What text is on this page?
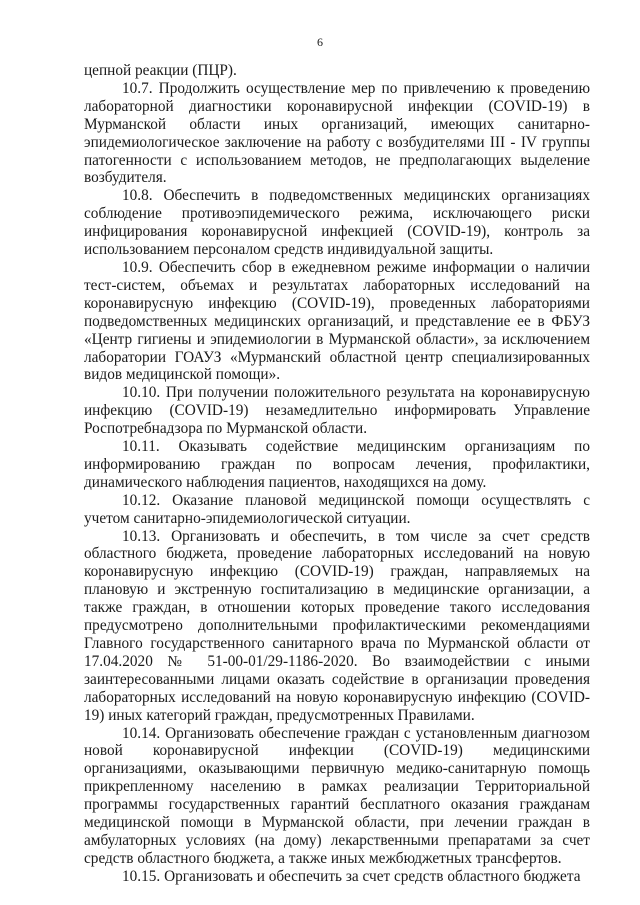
6

цепной реакции (ПЦР).

10.7. Продолжить осуществление мер по привлечению к проведению лабораторной диагностики коронавирусной инфекции (COVID-19) в Мурманской области иных организаций, имеющих санитарно-эпидемиологическое заключение на работу с возбудителями III - IV группы патогенности с использованием методов, не предполагающих выделение возбудителя.

10.8. Обеспечить в подведомственных медицинских организациях соблюдение противоэпидемического режима, исключающего риски инфицирования коронавирусной инфекцией (COVID-19), контроль за использованием персоналом средств индивидуальной защиты.

10.9. Обеспечить сбор в ежедневном режиме информации о наличии тест-систем, объемах и результатах лабораторных исследований на коронавирусную инфекцию (COVID-19), проведенных лабораториями подведомственных медицинских организаций, и представление ее в ФБУЗ «Центр гигиены и эпидемиологии в Мурманской области», за исключением лаборатории ГОАУЗ «Мурманский областной центр специализированных видов медицинской помощи».

10.10. При получении положительного результата на коронавирусную инфекцию (COVID-19) незамедлительно информировать Управление Роспотребнадзора по Мурманской области.

10.11. Оказывать содействие медицинским организациям по информированию граждан по вопросам лечения, профилактики, динамического наблюдения пациентов, находящихся на дому.

10.12. Оказание плановой медицинской помощи осуществлять с учетом санитарно-эпидемиологической ситуации.

10.13. Организовать и обеспечить, в том числе за счет средств областного бюджета, проведение лабораторных исследований на новую коронавирусную инфекцию (COVID-19) граждан, направляемых на плановую и экстренную госпитализацию в медицинские организации, а также граждан, в отношении которых проведение такого исследования предусмотрено дополнительными профилактическими рекомендациями Главного государственного санитарного врача по Мурманской области от 17.04.2020 № 51-00-01/29-1186-2020. Во взаимодействии с иными заинтересованными лицами оказать содействие в организации проведения лабораторных исследований на новую коронавирусную инфекцию (COVID-19) иных категорий граждан, предусмотренных Правилами.

10.14. Организовать обеспечение граждан с установленным диагнозом новой коронавирусной инфекции (COVID-19) медицинскими организациями, оказывающими первичную медико-санитарную помощь прикрепленному населению в рамках реализации Территориальной программы государственных гарантий бесплатного оказания гражданам медицинской помощи в Мурманской области, при лечении граждан в амбулаторных условиях (на дому) лекарственными препаратами за счет средств областного бюджета, а также иных межбюджетных трансфертов.

10.15. Организовать и обеспечить за счет средств областного бюджета
